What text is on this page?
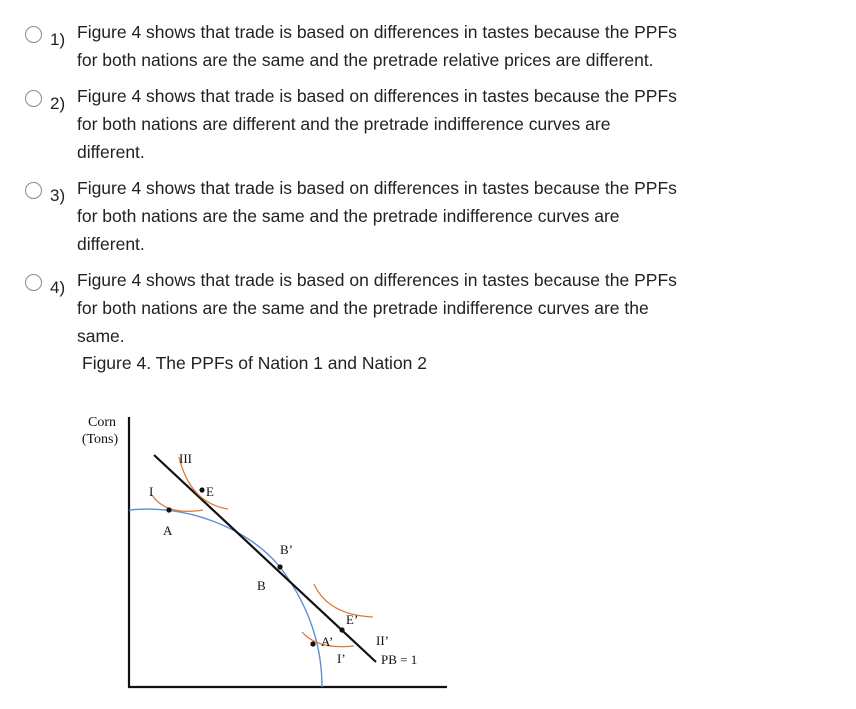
1) Figure 4 shows that trade is based on differences in tastes because the PPFs
for both nations are the same and the pretrade relative prices are different.
2) Figure 4 shows that trade is based on differences in tastes because the PPFs
for both nations are different and the pretrade indifference curves are
different.
3) Figure 4 shows that trade is based on differences in tastes because the PPFs
for both nations are the same and the pretrade indifference curves are
different.
4) Figure 4 shows that trade is based on differences in tastes because the PPFs
for both nations are the same and the pretrade indifference curves are the
same.
Figure 4. The PPFs of Nation 1 and Nation 2
Corn
(Tons)
I
III
E
A
B’
B
E’
A’	II’
I’	PB = 1
